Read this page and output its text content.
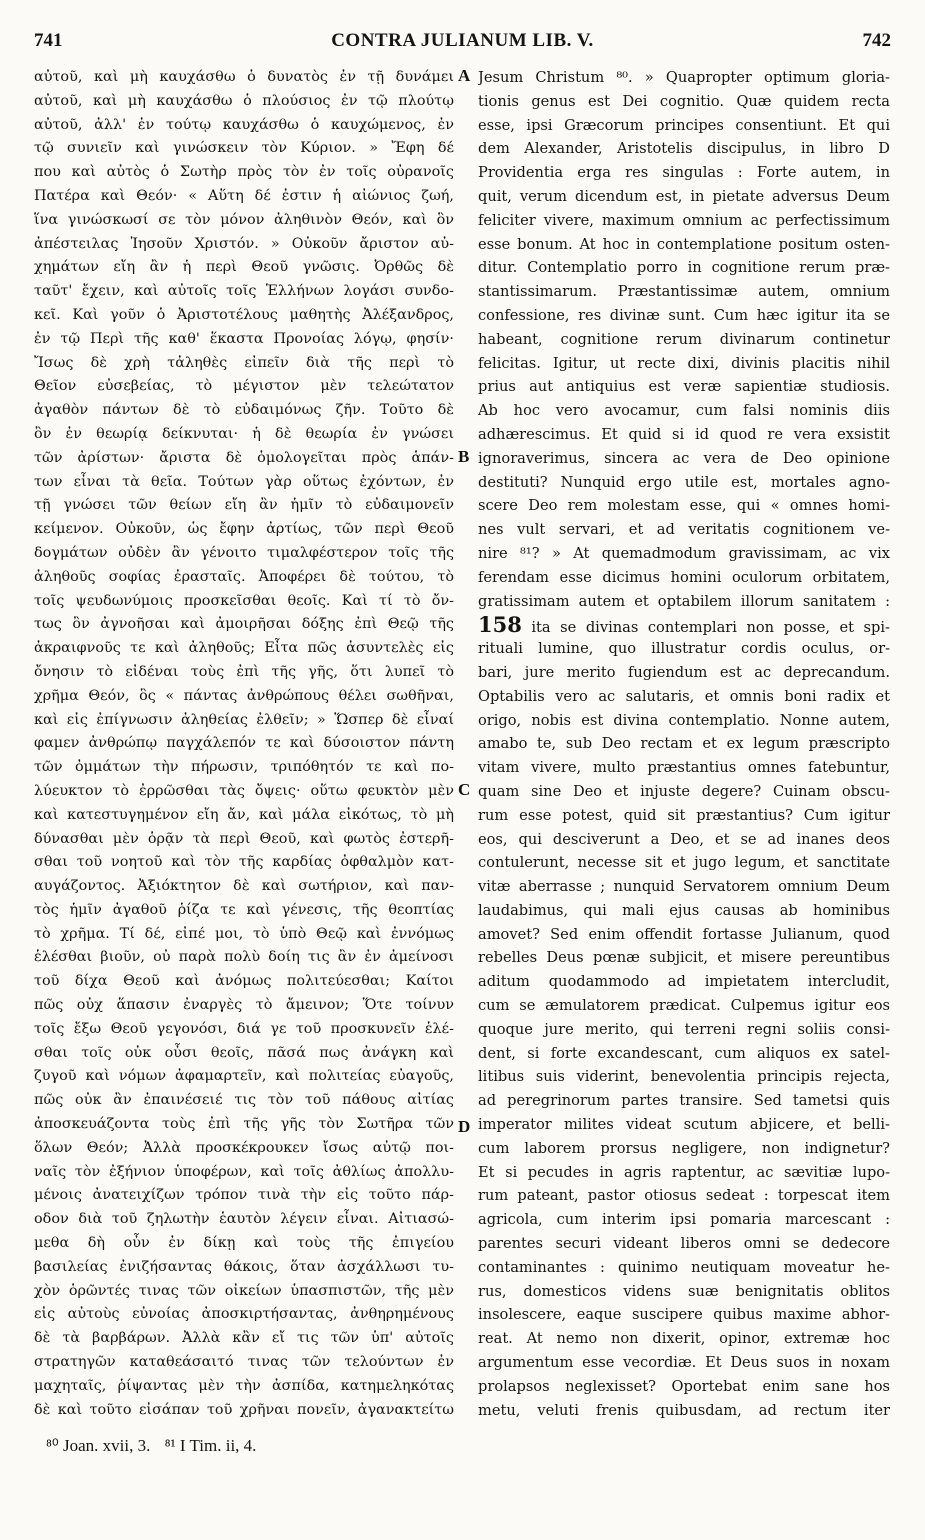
741	CONTRA JULIANUM LIB. V.	742
αὐτοῦ, καὶ μὴ καυχάσθω ὁ δυνατὸς ἐν τῇ δυνάμει
αὐτοῦ, καὶ μὴ καυχάσθω ὁ πλούσιος ἐν τῷ πλούτῳ
αὐτοῦ, ἀλλ' ἐν τούτῳ καυχάσθω ὁ καυχώμενος, ἐν
τῷ συνιεῖν καὶ γινώσκειν τὸν Κύριον. » Ἔφη δέ
που καὶ αὐτὸς ὁ Σωτὴρ πρὸς τὸν ἐν τοῖς οὐρανοῖς
Πατέρα καὶ Θεόν· « Αὕτη δέ ἐστιν ἡ αἰώνιος ζωή,
ἵνα γινώσκωσί σε τὸν μόνον ἀληθινὸν Θεόν, καὶ ὃν
ἀπέστειλας Ἰησοῦν Χριστόν. » Οὐκοῦν ἄριστον αὐ-
χημάτων εἴη ἂν ἡ περὶ Θεοῦ γνῶσις. Ὀρθῶς δὲ
ταῦτ' ἔχειν, καὶ αὐτοῖς τοῖς Ἑλλήνων λογάσι συνδο-
κεῖ. Καὶ γοῦν ὁ Ἀριστοτέλους μαθητὴς Ἀλέξανδρος,
ἐν τῷ Περὶ τῆς καθ' ἕκαστα Προνοίας λόγῳ, φησίν·
Ἴσως δὲ χρὴ τἀληθὲς εἰπεῖν διὰ τῆς περὶ τὸ
Θεῖον εὐσεβείας, τὸ μέγιστον μὲν τελεώτατον
ἀγαθὸν πάντων δὲ τὸ εὐδαιμόνως ζῆν. Τοῦτο δὲ
ὂν ἐν θεωρίᾳ δείκνυται· ἡ δὲ θεωρία ἐν γνώσει
τῶν ἀρίστων· ἄριστα δὲ ὁμολογεῖται πρὸς ἁπάν-
των εἶναι τὰ θεῖα. Τούτων γὰρ οὕτως ἐχόντων, ἐν
τῇ γνώσει τῶν θείων εἴη ἂν ἡμῖν τὸ εὐδαιμονεῖν
κείμενον. Οὐκοῦν, ὡς ἔφην ἀρτίως, τῶν περὶ Θεοῦ
δογμάτων οὐδὲν ἂν γένοιτο τιμαλφέστερον τοῖς τῆς
ἀληθοῦς σοφίας ἐρασταῖς. Ἀποφέρει δὲ τούτου, τὸ
τοῖς ψευδωνύμοις προσκεῖσθαι θεοῖς. Καὶ τί τὸ ὄν-
τως ὂν ἀγνοῆσαι καὶ ἀμοιρῆσαι δόξης ἐπὶ Θεῷ τῆς
ἀκραιφνοῦς τε καὶ ἀληθοῦς; Εἶτα πῶς ἀσυντελὲς εἰς
ὄνησιν τὸ εἰδέναι τοὺς ἐπὶ τῆς γῆς, ὅτι λυπεῖ τὸ
χρῆμα Θεόν, ὃς « πάντας ἀνθρώπους θέλει σωθῆναι,
καὶ εἰς ἐπίγνωσιν ἀληθείας ἐλθεῖν; » Ὥσπερ δὲ εἶναί
φαμεν ἀνθρώπῳ παγχάλεπόν τε καὶ δύσοιστον πάντη
τῶν ὀμμάτων τὴν πήρωσιν, τριπόθητόν τε καὶ πο-
λύευκτον τὸ ἐρρῶσθαι τὰς ὄψεις· οὕτω φευκτὸν μὲν
καὶ κατεστυγημένον εἴη ἄν, καὶ μάλα εἰκότως, τὸ μὴ
δύνασθαι μὲν ὁρᾷν τὰ περὶ Θεοῦ, καὶ φωτὸς ἐστερῆ-
σθαι τοῦ νοητοῦ καὶ τὸν τῆς καρδίας ὀφθαλμὸν κατ-
αυγάζοντος. Ἀξιόκτητον δὲ καὶ σωτήριον, καὶ παν-
τὸς ἡμῖν ἀγαθοῦ ῥίζα τε καὶ γένεσις, τῆς θεοπτίας
τὸ χρῆμα. Τί δέ, εἰπέ μοι, τὸ ὑπὸ Θεῷ καὶ ἐννόμως
ἑλέσθαι βιοῦν, οὐ παρὰ πολὺ δοίη τις ἂν ἐν ἀμείνοσι
τοῦ δίχα Θεοῦ καὶ ἀνόμως πολιτεύεσθαι; Καίτοι
πῶς οὐχ ἅπασιν ἐναργὲς τὸ ἄμεινον; Ὅτε τοίνυν
τοῖς ἔξω Θεοῦ γεγονόσι, διά γε τοῦ προσκυνεῖν ἑλέ-
σθαι τοῖς οὐκ οὖσι θεοῖς, πᾶσά πως ἀνάγκη καὶ
ζυγοῦ καὶ νόμων ἀφαμαρτεῖν, καὶ πολιτείας εὐαγοῦς,
πῶς οὐκ ἂν ἐπαινέσειέ τις τὸν τοῦ πάθους αἰτίας
ἀποσκευάζοντα τοὺς ἐπὶ τῆς γῆς τὸν Σωτῆρα τῶν
ὅλων Θεόν; Ἀλλὰ προσκέκρουκεν ἴσως αὐτῷ ποι-
ναῖς τὸν ἐξήνιον ὑποφέρων, καὶ τοῖς ἀθλίως ἀπολλυ-
μένοις ἀνατειχίζων τρόπον τινὰ τὴν εἰς τοῦτο πάρ-
οδον διὰ τοῦ ζηλωτὴν ἑαυτὸν λέγειν εἶναι. Αἰτιασώ-
μεθα δὴ οὖν ἐν δίκῃ καὶ τοὺς τῆς ἐπιγείου
βασιλείας ἐνιζήσαντας θάκοις, ὅταν ἀσχάλλωσι τυ-
χὸν ὁρῶντές τινας τῶν οἰκείων ὑπασπιστῶν, τῆς μὲν
εἰς αὐτοὺς εὐνοίας ἀποσκιρτήσαντας, ἀνθηρημένους
δὲ τὰ βαρβάρων. Ἀλλὰ κἂν εἴ τις τῶν ὑπ' αὐτοῖς
στρατηγῶν καταθεάσαιτό τινας τῶν τελούντων ἐν
μαχηταῖς, ῥίψαντας μὲν τὴν ἀσπίδα, κατημεληκότας
δὲ καὶ τοῦτο εἰσάπαν τοῦ χρῆναι πονεῖν, ἀγανακτείτω
Jesum Christum ⁸⁰. » Quapropter optimum gloria-
tionis genus est Dei cognitio. Quæ quidem recta
esse, ipsi Græcorum principes consentiunt. Et qui
dem Alexander, Aristotelis discipulus, in libro D
Providentia erga res singulas : Forte autem, in
quit, verum dicendum est, in pietate adversus Deum
feliciter vivere, maximum omnium ac perfectissimum
esse bonum. At hoc in contemplatione positum osten-
ditur. Contemplatio porro in cognitione rerum præ-
stantissimarum. Præstantissimæ autem, omnium
confessione, res divinæ sunt. Cum hæc igitur ita se
habeant, cognitione rerum divinarum continetur
felicitas. Igitur, ut recte dixi, divinis placitis nihil
prius aut antiquius est veræ sapientiæ studiosis.
Ab hoc vero avocamur, cum falsi nominis diis
adhærescimus. Et quid si id quod re vera exsistit
ignoraverimus, sincera ac vera de Deo opinione
destituti? Nunquid ergo utile est, mortales agno-
scere Deo rem molestam esse, qui « omnes homi-
nes vult servari, et ad veritatis cognitionem ve-
nire ⁸¹? » At quemadmodum gravissimam, ac vix
ferendam esse dicimus homini oculorum orbitatem,
gratissimam autem et optabilem illorum sanitatem :
158 ita se divinas contemplari non posse, et spi-
rituali lumine, quo illustratur cordis oculus, or-
bari, jure merito fugiendum est ac deprecandum.
Optabilis vero ac salutaris, et omnis boni radix et
origo, nobis est divina contemplatio. Nonne autem,
amabo te, sub Deo rectam et ex legum præscripto
vitam vivere, multo præstantius omnes fatebuntur,
quam sine Deo et injuste degere? Cuinam obscu-
rum esse potest, quid sit præstantius? Cum igitur
eos, qui desciverunt a Deo, et se ad inanes deos
contulerunt, necesse sit et jugo legum, et sanctitate
vitæ aberrasse ; nunquid Servatorem omnium Deum
laudabimus, qui mali ejus causas ab hominibus
amovet? Sed enim offendit fortasse Julianum, quod
rebelles Deus pœnæ subjicit, et misere pereuntibus
aditum quodammodo ad impietatem intercludit,
cum se æmulatorem prædicat. Culpemus igitur eos
quoque jure merito, qui terreni regni soliis consi-
dent, si forte excandescant, cum aliquos ex satel-
litibus suis viderint, benevolentia principis rejecta,
ad peregrinorum partes transire. Sed tametsi quis
imperator milites videat scutum abjicere, et belli-
cum laborem prorsus negligere, non indignetur?
Et si pecudes in agris raptentur, ac sævitiæ lupo-
rum pateant, pastor otiosus sedeat : torpescat item
agricola, cum interim ipsi pomaria marcescant :
parentes securi videant liberos omni se dedecore
contaminantes : quinimo neutiquam moveatur he-
rus, domesticos videns suæ benignitatis oblitos
insolescere, eaque suscipere quibus maxime abhor-
reat. At nemo non dixerit, opinor, extremæ hoc
argumentum esse vecordiæ. Et Deus suos in noxam
prolapsos neglexisset? Oportebat enim sane hos
metu, veluti frenis quibusdam, ad rectum iter
A
B
C
D
⁸⁰ Joan. xvii, 3. ⁸¹ I Tim. ii, 4.
